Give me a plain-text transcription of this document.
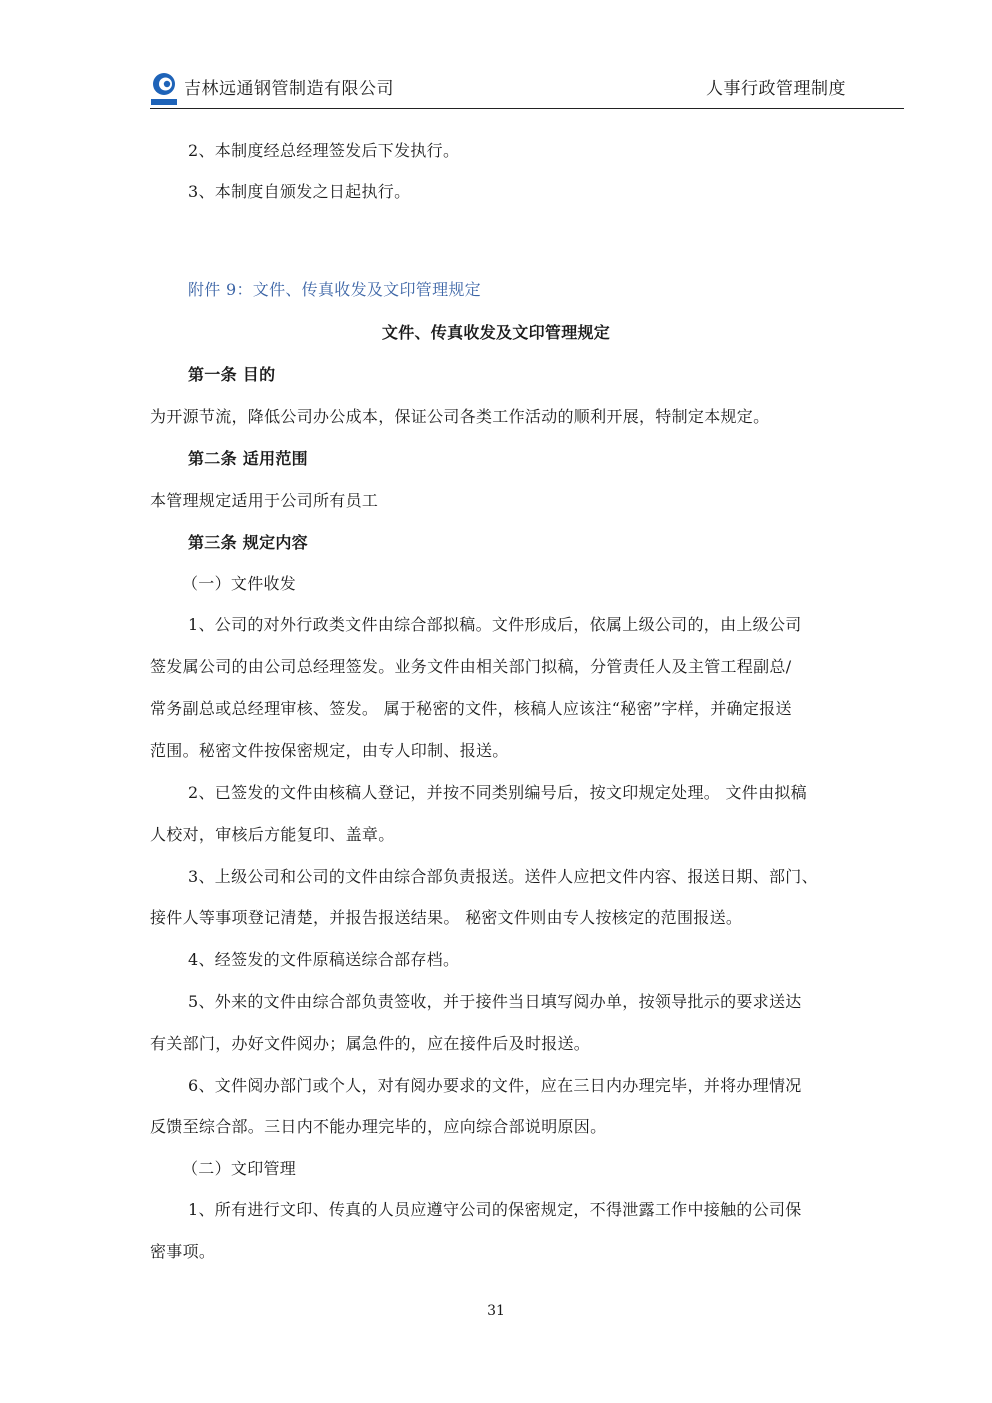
吉林远通钢管制造有限公司	人事行政管理制度
2、本制度经总经理签发后下发执行。
3、本制度自颁发之日起执行。
附件 9：文件、传真收发及文印管理规定
文件、传真收发及文印管理规定
第一条 目的
为开源节流，降低公司办公成本，保证公司各类工作活动的顺利开展，特制定本规定。
第二条 适用范围
本管理规定适用于公司所有员工
第三条 规定内容
（一）文件收发
1、公司的对外行政类文件由综合部拟稿。文件形成后，依属上级公司的，由上级公司
签发属公司的由公司总经理签发。业务文件由相关部门拟稿，分管责任人及主管工程副总/
常务副总或总经理审核、签发。 属于秘密的文件，核稿人应该注“秘密”字样，并确定报送
范围。秘密文件按保密规定，由专人印制、报送。
2、已签发的文件由核稿人登记，并按不同类别编号后，按文印规定处理。 文件由拟稿
人校对，审核后方能复印、盖章。
3、上级公司和公司的文件由综合部负责报送。送件人应把文件内容、报送日期、部门、
接件人等事项登记清楚，并报告报送结果。 秘密文件则由专人按核定的范围报送。
4、经签发的文件原稿送综合部存档。
5、外来的文件由综合部负责签收，并于接件当日填写阅办单，按领导批示的要求送达
有关部门，办好文件阅办；属急件的，应在接件后及时报送。
6、文件阅办部门或个人，对有阅办要求的文件，应在三日内办理完毕，并将办理情况
反馈至综合部。三日内不能办理完毕的，应向综合部说明原因。
（二）文印管理
1、所有进行文印、传真的人员应遵守公司的保密规定，不得泄露工作中接触的公司保
密事项。
31
